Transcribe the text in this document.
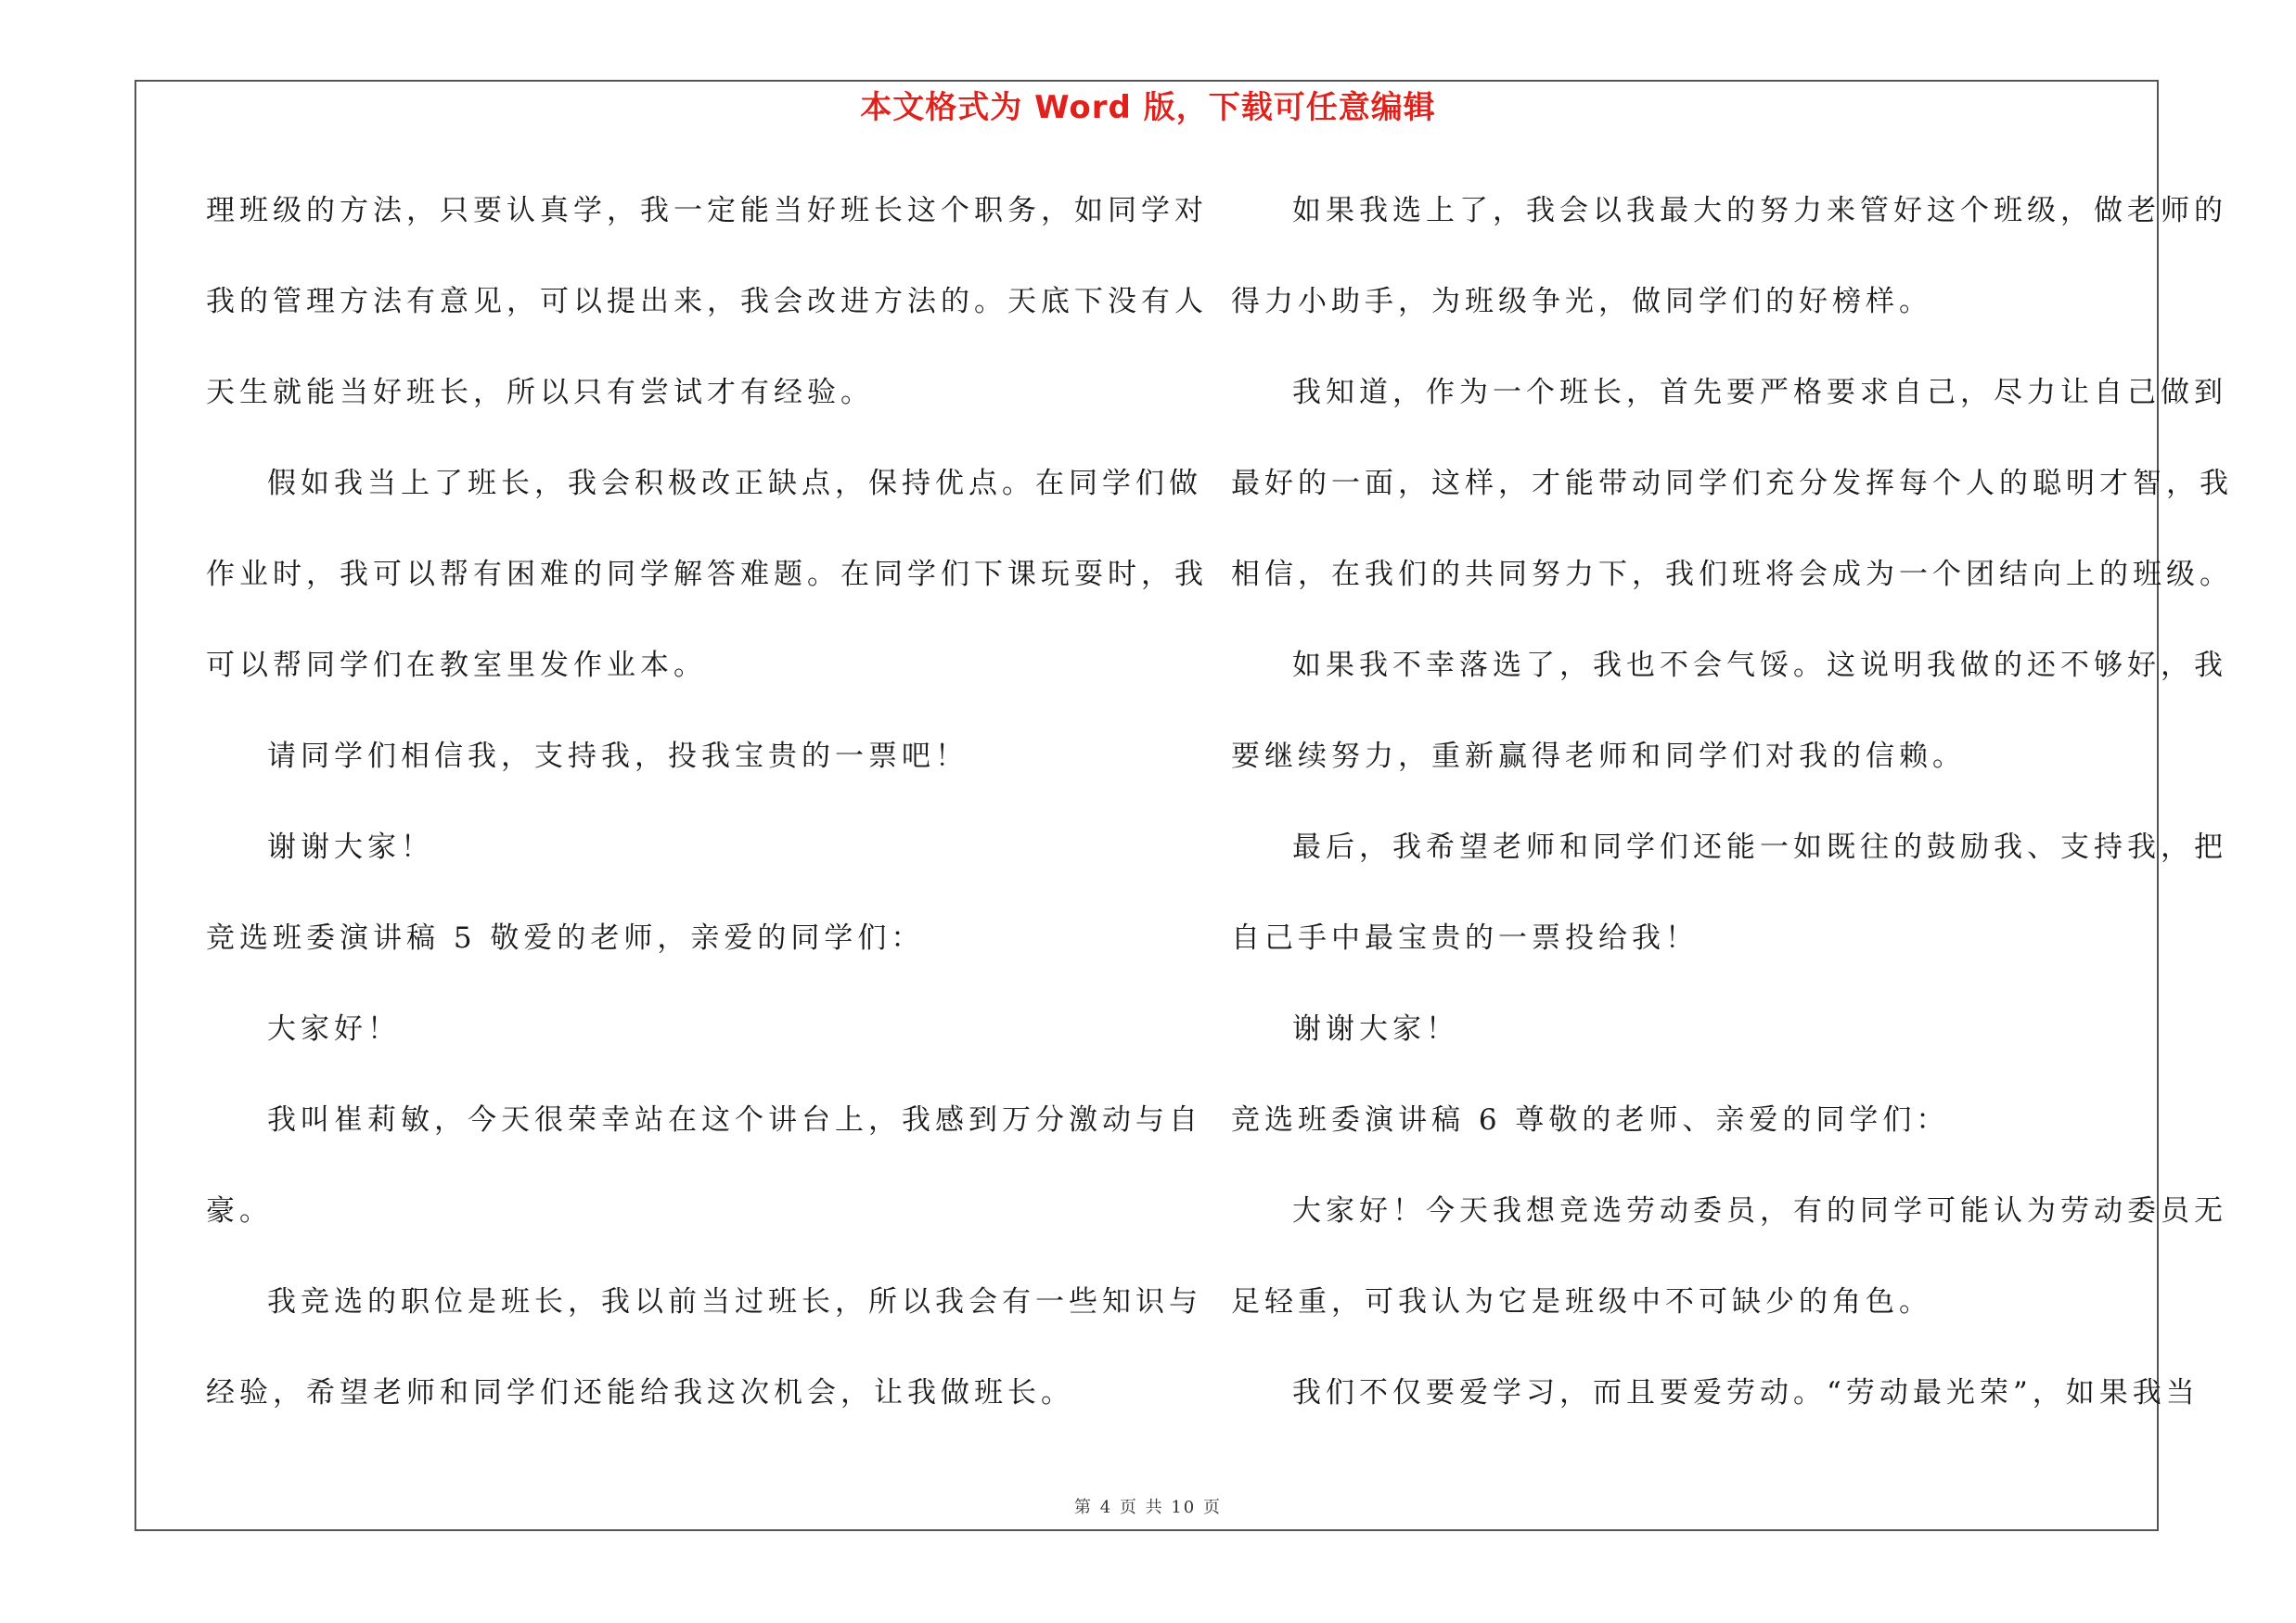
本文格式为 Word 版，下载可任意编辑
理班级的方法，只要认真学，我一定能当好班长这个职务，如同学对
我的管理方法有意见，可以提出来，我会改进方法的。天底下没有人
天生就能当好班长，所以只有尝试才有经验。
假如我当上了班长，我会积极改正缺点，保持优点。在同学们做
作业时，我可以帮有困难的同学解答难题。在同学们下课玩耍时，我
可以帮同学们在教室里发作业本。
请同学们相信我，支持我，投我宝贵的一票吧！
谢谢大家！
竞选班委演讲稿 5 敬爱的老师，亲爱的同学们：
大家好！
我叫崔莉敏，今天很荣幸站在这个讲台上，我感到万分激动与自
豪。
我竞选的职位是班长，我以前当过班长，所以我会有一些知识与
经验，希望老师和同学们还能给我这次机会，让我做班长。
如果我选上了，我会以我最大的努力来管好这个班级，做老师的
得力小助手，为班级争光，做同学们的好榜样。
我知道，作为一个班长，首先要严格要求自己，尽力让自己做到
最好的一面，这样，才能带动同学们充分发挥每个人的聪明才智，我
相信，在我们的共同努力下，我们班将会成为一个团结向上的班级。
如果我不幸落选了，我也不会气馁。这说明我做的还不够好，我
要继续努力，重新赢得老师和同学们对我的信赖。
最后，我希望老师和同学们还能一如既往的鼓励我、支持我，把
自己手中最宝贵的一票投给我！
谢谢大家！
竞选班委演讲稿 6 尊敬的老师、亲爱的同学们：
大家好！今天我想竞选劳动委员，有的同学可能认为劳动委员无
足轻重，可我认为它是班级中不可缺少的角色。
我们不仅要爱学习，而且要爱劳动。“劳动最光荣”，如果我当
第 4 页 共 10 页
